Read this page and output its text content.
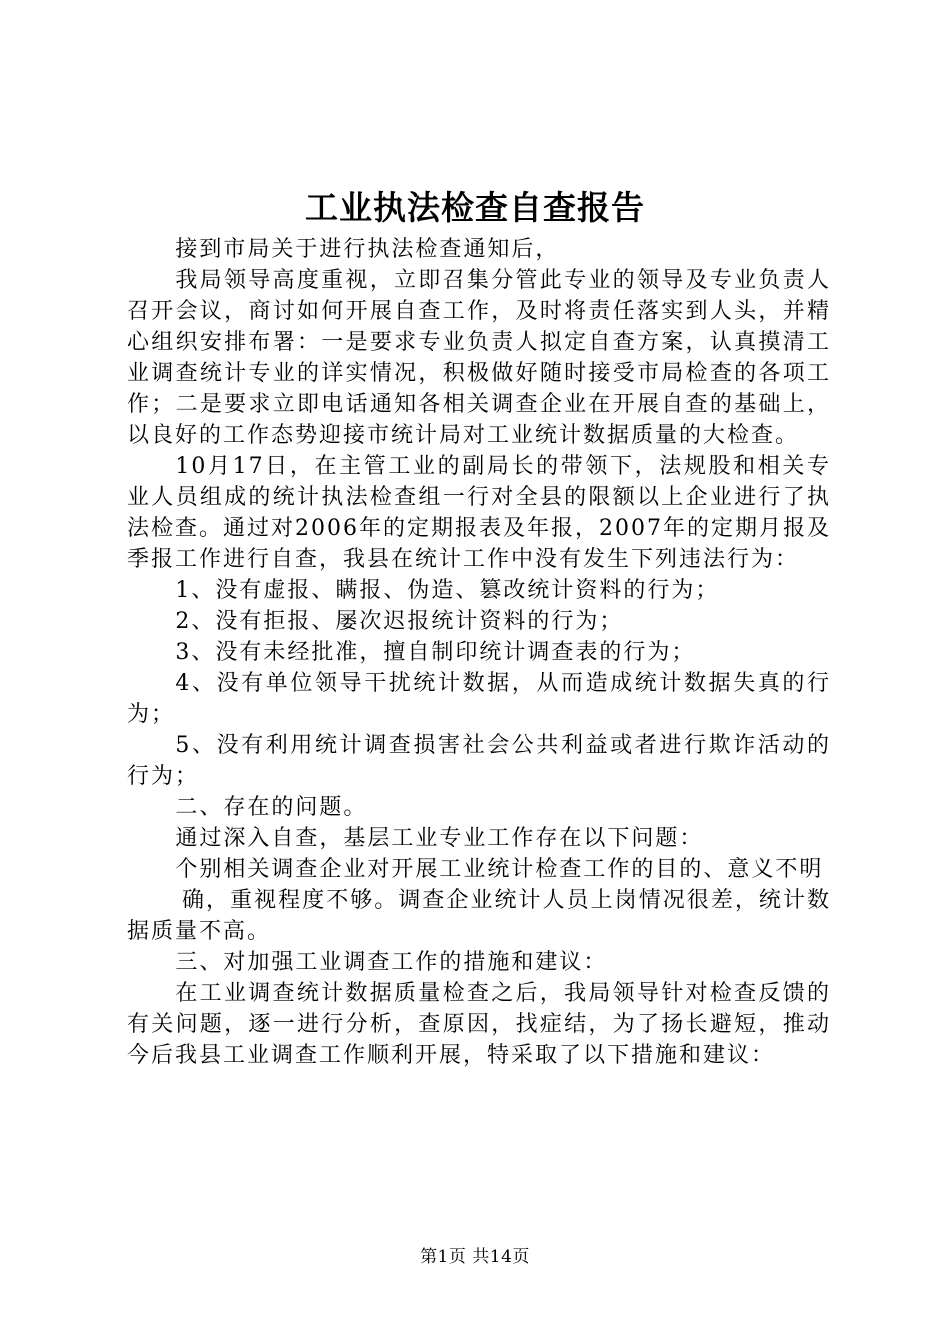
工业执法检查自查报告

接到市局关于进行执法检查通知后，

我局领导高度重视，立即召集分管此专业的领导及专业负责人召开会议，商讨如何开展自查工作，及时将责任落实到人头，并精心组织安排布署：一是要求专业负责人拟定自查方案，认真摸清工业调查统计专业的详实情况，积极做好随时接受市局检查的各项工作；二是要求立即电话通知各相关调查企业在开展自查的基础上，以良好的工作态势迎接市统计局对工业统计数据质量的大检查。

10月17日，在主管工业的副局长的带领下，法规股和相关专业人员组成的统计执法检查组一行对全县的限额以上企业进行了执法检查。通过对2006年的定期报表及年报，2007年的定期月报及季报工作进行自查，我县在统计工作中没有发生下列违法行为：

1、没有虚报、瞒报、伪造、篡改统计资料的行为；

2、没有拒报、屡次迟报统计资料的行为；

3、没有未经批准，擅自制印统计调查表的行为；

4、没有单位领导干扰统计数据，从而造成统计数据失真的行为；

5、没有利用统计调查损害社会公共利益或者进行欺诈活动的行为；

二、存在的问题。

通过深入自查，基层工业专业工作存在以下问题：

个别相关调查企业对开展工业统计检查工作的目的、意义不明

确，重视程度不够。调查企业统计人员上岗情况很差，统计数据质量不高。

三、对加强工业调查工作的措施和建议：

在工业调查统计数据质量检查之后，我局领导针对检查反馈的有关问题，逐一进行分析，查原因，找症结，为了扬长避短，推动今后我县工业调查工作顺利开展，特采取了以下措施和建议：

第1页 共14页
